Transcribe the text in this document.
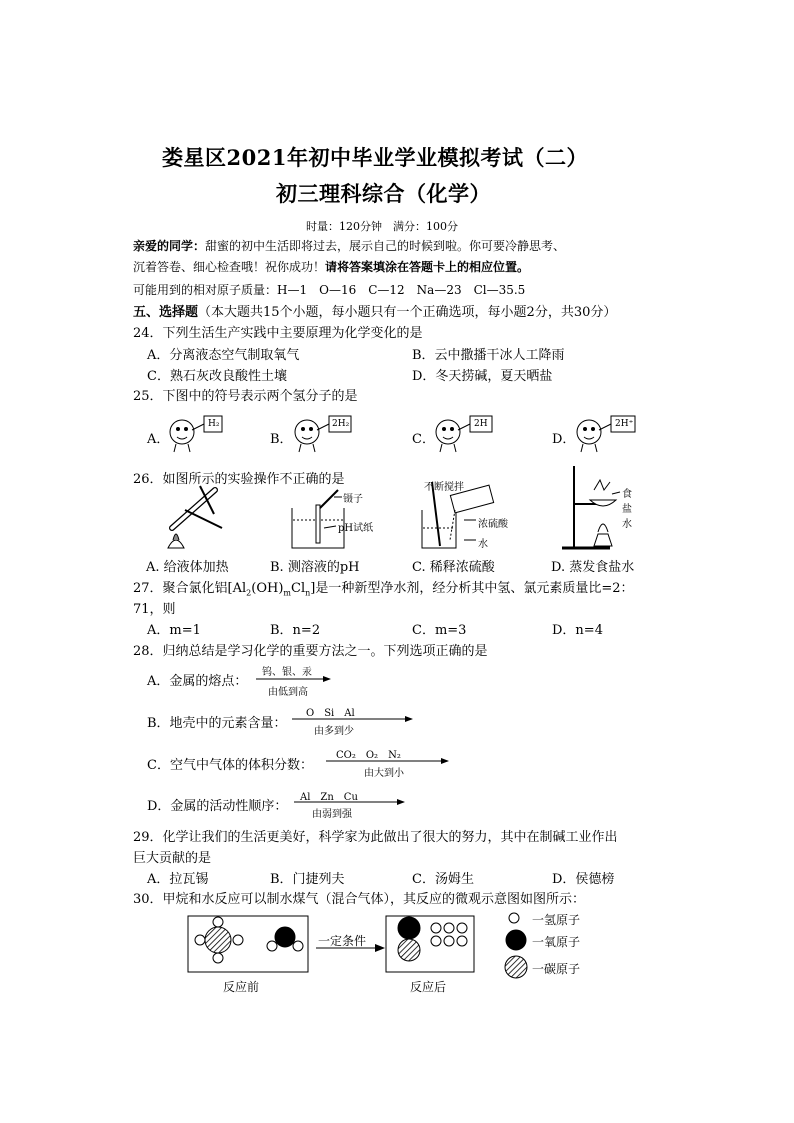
娄星区2021年初中毕业学业模拟考试（二）
初三理科综合（化学）
时量：120分钟　满分：100分
亲爱的同学：甜蜜的初中生活即将过去，展示自己的时候到啦。你可要冷静思考、
沉着答卷、细心检查哦！祝你成功！请将答案填涂在答题卡上的相应位置。
可能用到的相对原子质量：H—1　O—16　C—12　Na—23　Cl—35.5
五、选择题（本大题共15个小题，每小题只有一个正确选项，每小题2分，共30分）
24．下列生活生产实践中主要原理为化学变化的是
A．分离液态空气制取氧气	B．云中撒播干冰人工降雨
C．熟石灰改良酸性土壤	D．冬天捞碱，夏天晒盐
25．下图中的符号表示两个氢分子的是
A．	B．	C．	D．
H₂	2H₂	2H	2H⁺
26．如图所示的实验操作不正确的是
镊子
pH试纸
不断搅拌
浓硫酸
水
食盐水
A. 给液体加热	B. 测溶液的pH	C. 稀释浓硫酸	D. 蒸发食盐水
27．聚合氯化铝$[Al_2(OH)_mCl_n]$是一种新型净水剂，经分析其中氢、氯元素质量比=2：
71，则
A．m=1	B．n=2	C．m=3	D．n=4
28．归纳总结是学习化学的重要方法之一。下列选项正确的是
A．金属的熔点：
钨、银、汞
由低到高
B．地壳中的元素含量：
O　Si　Al
由多到少
C．空气中气体的体积分数：
CO₂　O₂　N₂
由大到小
D．金属的活动性顺序：
Al　Zn　Cu
由弱到强
29．化学让我们的生活更美好，科学家为此做出了很大的努力，其中在制碱工业作出
巨大贡献的是
A．拉瓦锡	B．门捷列夫	C．汤姆生	D．侯德榜
30．甲烷和水反应可以制水煤气（混合气体），其反应的微观示意图如图所示：
一定条件
反应前	反应后
一氢原子
一氧原子
一碳原子
